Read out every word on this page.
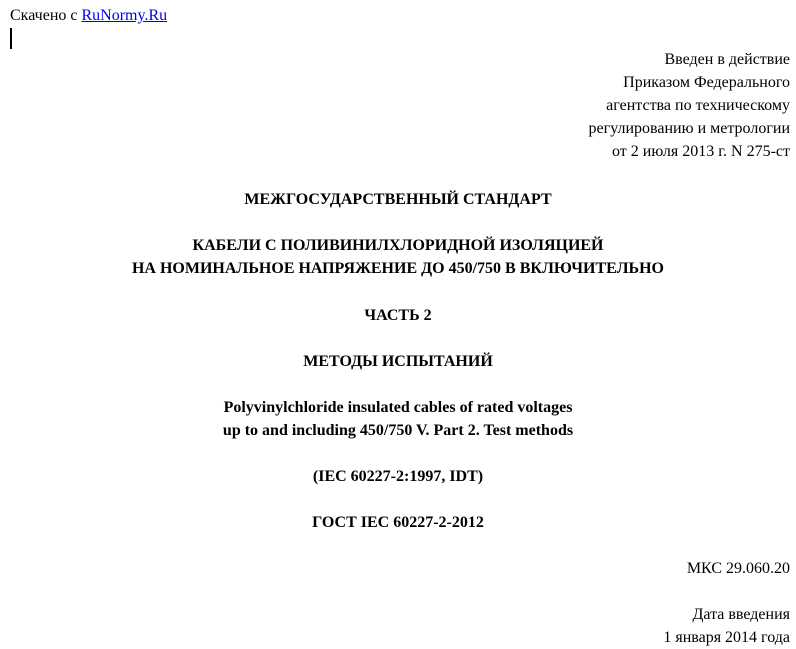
Скачено с RuNormy.Ru
Введен в действие
Приказом Федерального
агентства по техническому
регулированию и метрологии
от 2 июля 2013 г. N 275-ст
МЕЖГОСУДАРСТВЕННЫЙ СТАНДАРТ
КАБЕЛИ С ПОЛИВИНИЛХЛОРИДНОЙ ИЗОЛЯЦИЕЙ
НА НОМИНАЛЬНОЕ НАПРЯЖЕНИЕ ДО 450/750 В ВКЛЮЧИТЕЛЬНО
ЧАСТЬ 2
МЕТОДЫ ИСПЫТАНИЙ
Polyvinylchloride insulated cables of rated voltages
up to and including 450/750 V. Part 2. Test methods
(IEC 60227-2:1997, IDT)
ГОСТ IEC 60227-2-2012
МКС 29.060.20
Дата введения
1 января 2014 года
